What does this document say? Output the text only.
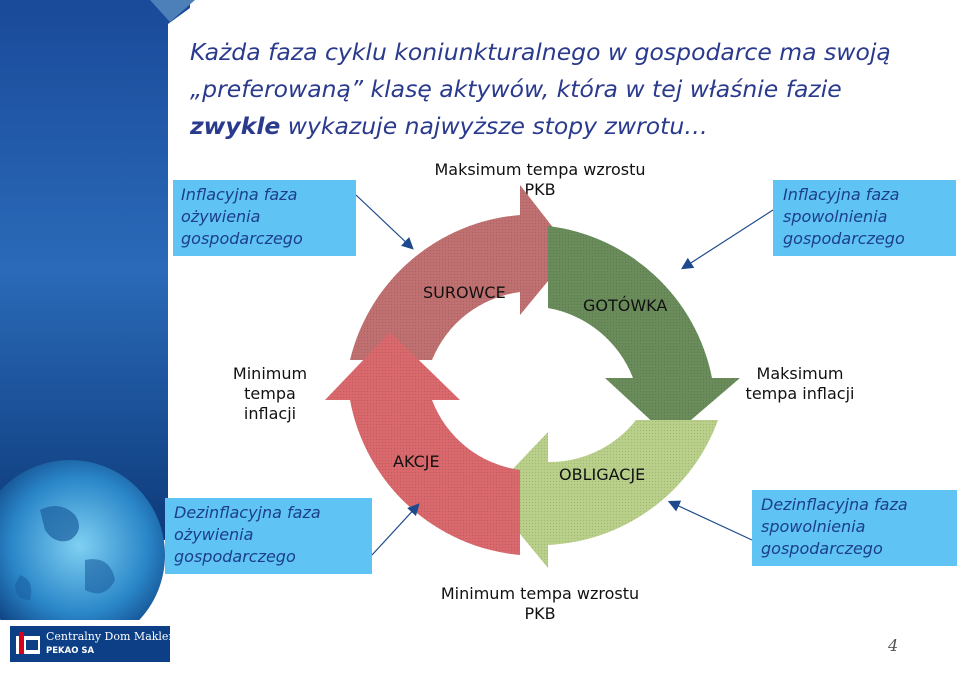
Każda faza cyklu koniunkturalnego w gospodarce ma swoją
„preferowaną” klasę aktywów, która w tej właśnie fazie
zwykle wykazuje najwyższe stopy zwrotu…
Inflacyjna faza
ożywienia
gospodarczego
Inflacyjna faza
spowolnienia
gospodarczego
Dezinflacyjna faza
ożywienia
gospodarczego
Dezinflacyjna faza
spowolnienia
gospodarczego
Maksimum tempa wzrostu
PKB
Minimum
tempa
inflacji
Maksimum
tempa inflacji
Minimum tempa wzrostu
PKB
SUROWCE
GOTÓWKA
AKCJE
OBLIGACJE
Centralny Dom Maklerski
PEKAO SA	4
